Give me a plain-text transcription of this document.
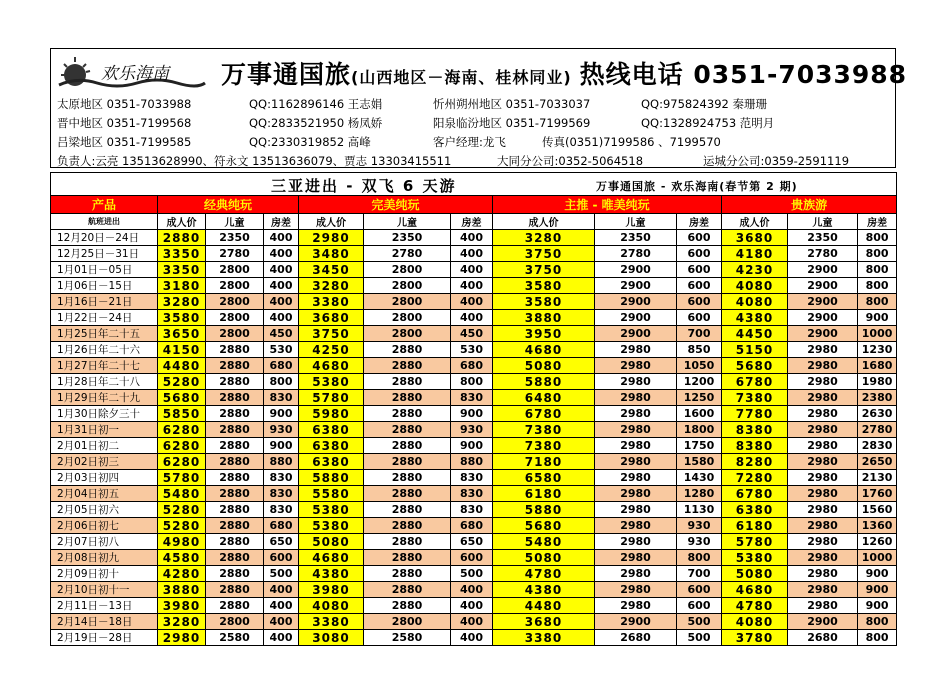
欢乐海南 万事通国旅(山西地区－海南、桂林同业) 热线电话 0351-7033988
太原地区 0351-7033988	QQ:1162896146 王志娟	忻州朔州地区 0351-7033037	QQ:975824392 秦珊珊
晋中地区 0351-7199568	QQ:2833521950 杨凤娇	阳泉临汾地区 0351-7199569	QQ:1328924753 范明月
吕梁地区 0351-7199585	QQ:2330319852 高峰	客户经理:龙飞	传真(0351)7199586 、7199570
负责人:云亮 13513628990、符永文 13513636079、贾志 13303415511	大同分公司:0352-5064518	运城分公司:0359-2591119
三亚进出 - 双飞 6 天游 万事通国旅 - 欢乐海南(春节第 2 期)												

产品	经典纯玩			完美纯玩			主推 - 唯美纯玩			贵族游		
航班进出	成人价	儿童	房差	成人价	儿童	房差	成人价	儿童	房差	成人价	儿童	房差
12月20日－24日	2880	2350	400	2980	2350	400	3280	2350	600	3680	2350	800
12月25日－31日	3350	2780	400	3480	2780	400	3750	2780	600	4180	2780	800
1月01日－05日	3350	2800	400	3450	2800	400	3750	2900	600	4230	2900	800
1月06日－15日	3180	2800	400	3280	2800	400	3580	2900	600	4080	2900	800
1月16日－21日	3280	2800	400	3380	2800	400	3580	2900	600	4080	2900	800
1月22日－24日	3580	2800	400	3680	2800	400	3880	2900	600	4380	2900	900
1月25日年二十五	3650	2800	450	3750	2800	450	3950	2900	700	4450	2900	1000
1月26日年二十六	4150	2880	530	4250	2880	530	4680	2980	850	5150	2980	1230
1月27日年二十七	4480	2880	680	4680	2880	680	5080	2980	1050	5680	2980	1680
1月28日年二十八	5280	2880	800	5380	2880	800	5880	2980	1200	6780	2980	1980
1月29日年二十九	5680	2880	830	5780	2880	830	6480	2980	1250	7380	2980	2380
1月30日除夕三十	5850	2880	900	5980	2880	900	6780	2980	1600	7780	2980	2630
1月31日初一	6280	2880	930	6380	2880	930	7380	2980	1800	8380	2980	2780
2月01日初二	6280	2880	900	6380	2880	900	7380	2980	1750	8380	2980	2830
2月02日初三	6280	2880	880	6380	2880	880	7180	2980	1580	8280	2980	2650
2月03日初四	5780	2880	830	5880	2880	830	6580	2980	1430	7280	2980	2130
2月04日初五	5480	2880	830	5580	2880	830	6180	2980	1280	6780	2980	1760
2月05日初六	5280	2880	830	5380	2880	830	5880	2980	1130	6380	2980	1560
2月06日初七	5280	2880	680	5380	2880	680	5680	2980	930	6180	2980	1360
2月07日初八	4980	2880	650	5080	2880	650	5480	2980	930	5780	2980	1260
2月08日初九	4580	2880	600	4680	2880	600	5080	2980	800	5380	2980	1000
2月09日初十	4280	2880	500	4380	2880	500	4780	2980	700	5080	2980	900
2月10日初十一	3880	2880	400	3980	2880	400	4380	2980	600	4680	2980	900
2月11日－13日	3980	2880	400	4080	2880	400	4480	2980	600	4780	2980	900
2月14日－18日	3280	2800	400	3380	2800	400	3680	2900	500	4080	2900	800
2月19日－28日	2980	2580	400	3080	2580	400	3380	2680	500	3780	2680	800
